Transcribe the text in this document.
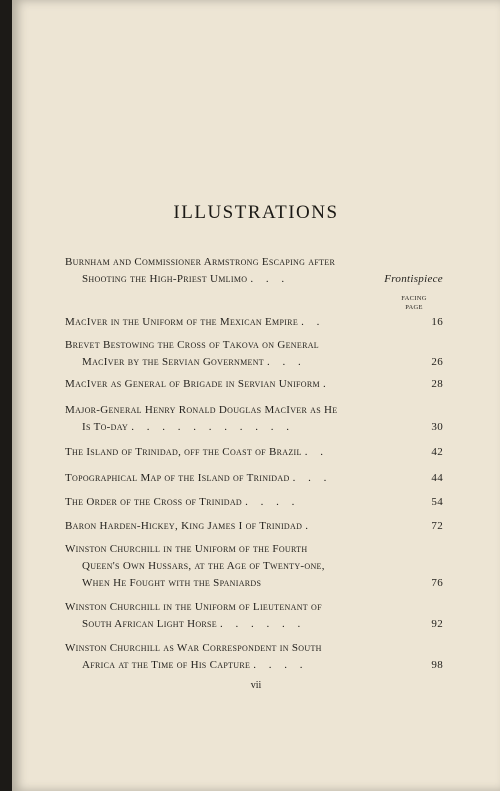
ILLUSTRATIONS
Burnham and Commissioner Armstrong Escaping after
Shooting the High-Priest Umlimo . . .	Frontispiece
FACING
PAGE
MacIver in the Uniform of the Mexican Empire . .	16
Brevet Bestowing the Cross of Takova on General
MacIver by the Servian Government . . .	26
MacIver as General of Brigade in Servian Uniform .	28
Major-General Henry Ronald Douglas MacIver as He
Is To-day . . . . . . . . . . .	30
The Island of Trinidad, off the Coast of Brazil . .	42
Topographical Map of the Island of Trinidad . . .	44
The Order of the Cross of Trinidad . . . .	54
Baron Harden-Hickey, King James I of Trinidad .	72
Winston Churchill in the Uniform of the Fourth
Queen's Own Hussars, at the Age of Twenty-one,
When He Fought with the Spaniards	76
Winston Churchill in the Uniform of Lieutenant of
South African Light Horse . . . . . .	92
Winston Churchill as War Correspondent in South
Africa at the Time of His Capture . . . .	98
vii
